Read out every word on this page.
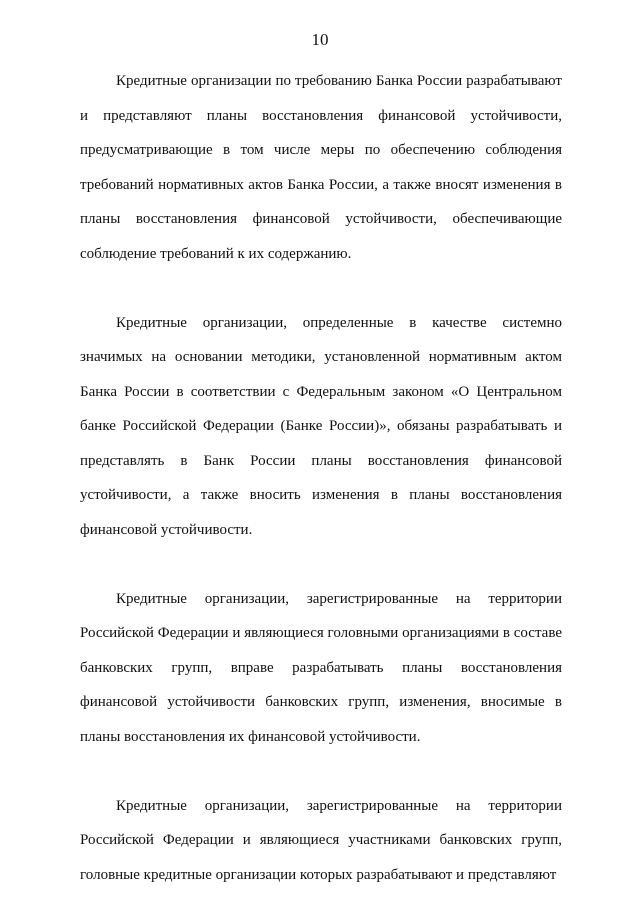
10

Кредитные организации по требованию Банка России разрабатывают и представляют планы восстановления финансовой устойчивости, предусматривающие в том числе меры по обеспечению соблюдения требований нормативных актов Банка России, а также вносят изменения в планы восстановления финансовой устойчивости, обеспечивающие соблюдение требований к их содержанию.

Кредитные организации, определенные в качестве системно значимых на основании методики, установленной нормативным актом Банка России в соответствии с Федеральным законом «О Центральном банке Российской Федерации (Банке России)», обязаны разрабатывать и представлять в Банк России планы восстановления финансовой устойчивости, а также вносить изменения в планы восстановления финансовой устойчивости.

Кредитные организации, зарегистрированные на территории Российской Федерации и являющиеся головными организациями в составе банковских групп, вправе разрабатывать планы восстановления финансовой устойчивости банковских групп, изменения, вносимые в планы восстановления их финансовой устойчивости.

Кредитные организации, зарегистрированные на территории Российской Федерации и являющиеся участниками банковских групп, головные кредитные организации которых разрабатывают и представляют
